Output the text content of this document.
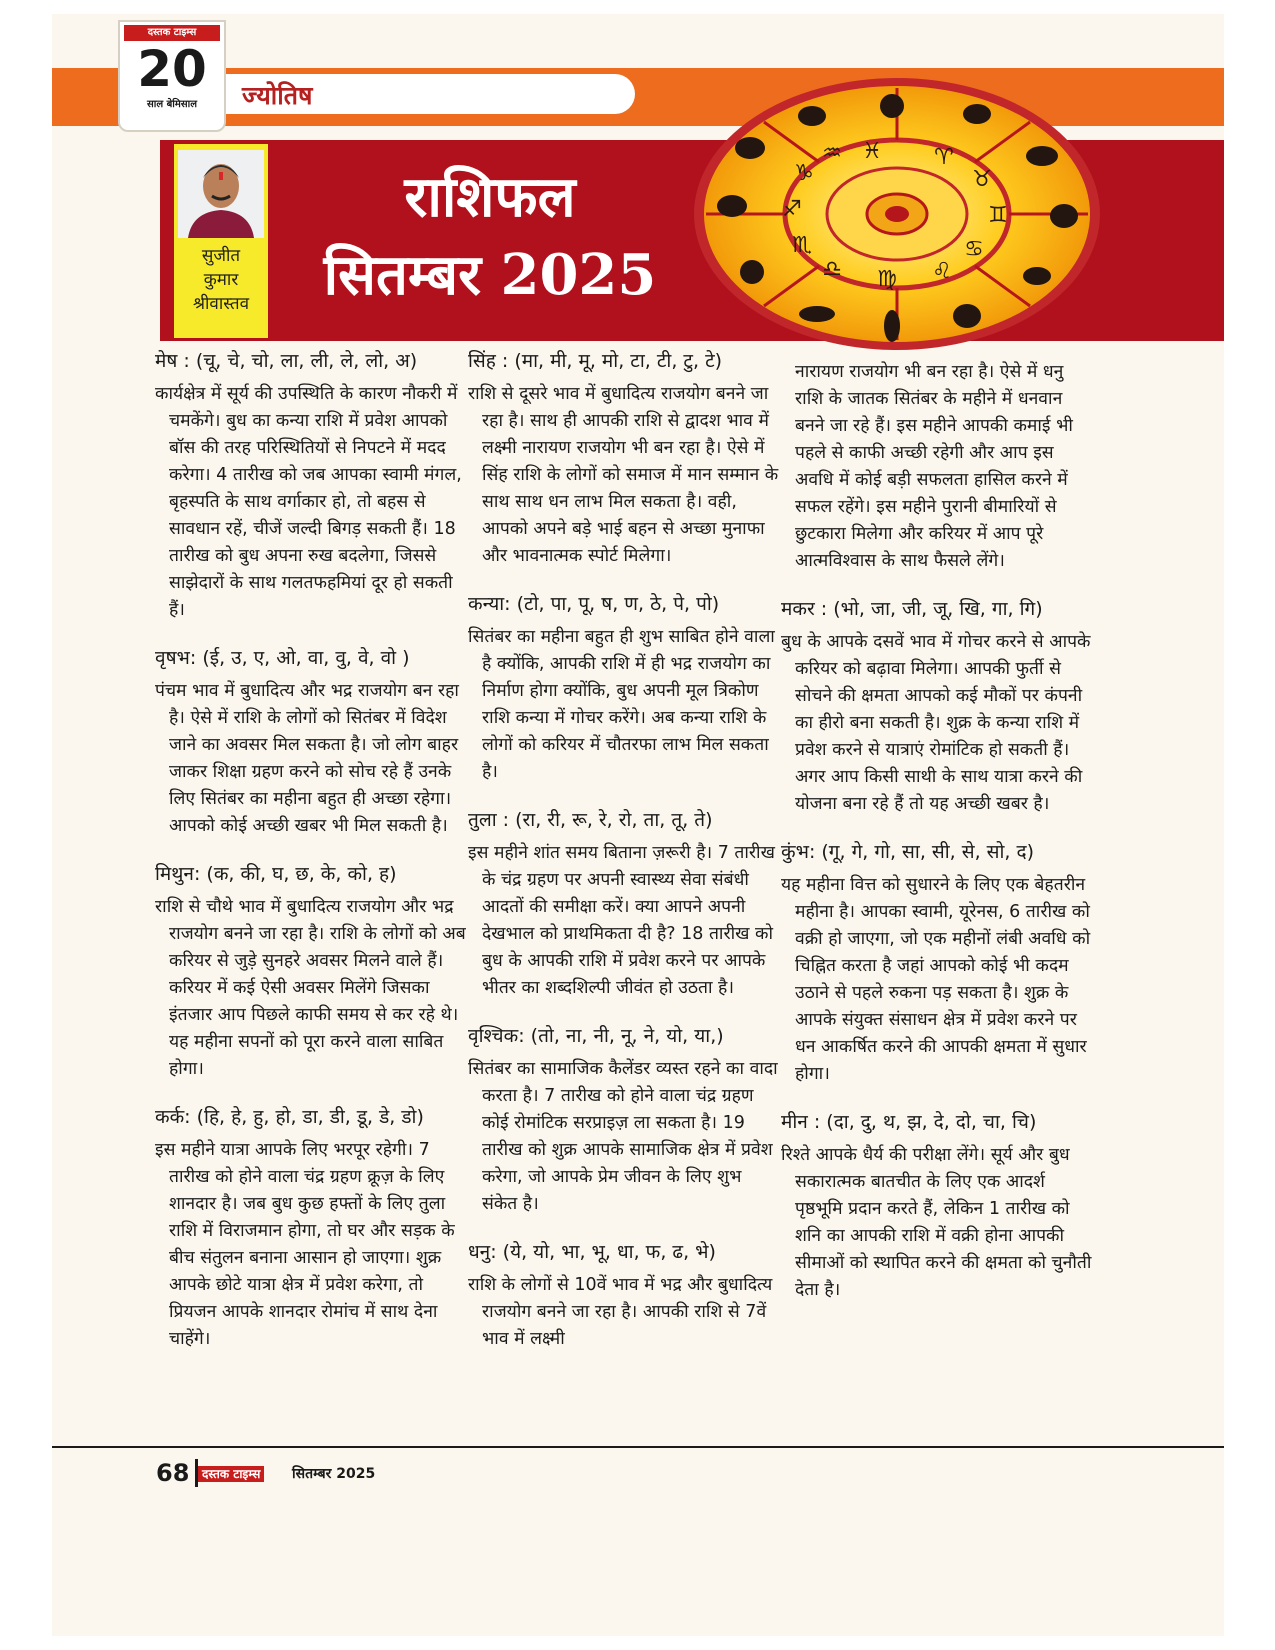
ज्योतिष
दस्तक टाइम्स
20
साल बेमिसाल
सुजीत
कुमार
श्रीवास्तव
राशिफल
सितम्बर 2025
♓ ♈
♉
♊
♋
♌
♍
♎
♏
♐
♑
♒
मेष : (चू, चे, चो, ला, ली, ले, लो, अ)

कार्यक्षेत्र में सूर्य की उपस्थिति के कारण नौकरी में चमकेंगे। बुध का कन्या राशि में प्रवेश आपको बॉस की तरह परिस्थितियों से निपटने में मदद करेगा। 4 तारीख को जब आपका स्वामी मंगल, बृहस्पति के साथ वर्गाकार हो, तो बहस से सावधान रहें, चीजें जल्दी बिगड़ सकती हैं। 18 तारीख को बुध अपना रुख बदलेगा, जिससे साझेदारों के साथ गलतफहमियां दूर हो सकती हैं।

वृषभ: (ई, उ, ए, ओ, वा, वु, वे, वो )

पंचम भाव में बुधादित्य और भद्र राजयोग बन रहा है। ऐसे में राशि के लोगों को सितंबर में विदेश जाने का अवसर मिल सकता है। जो लोग बाहर जाकर शिक्षा ग्रहण करने को सोच रहे हैं उनके लिए सितंबर का महीना बहुत ही अच्छा रहेगा। आपको कोई अच्छी खबर भी मिल सकती है।

मिथुन: (क, की, घ, छ, के, को, ह)

राशि से चौथे भाव में बुधादित्य राजयोग और भद्र राजयोग बनने जा रहा है। राशि के लोगों को अब करियर से जुड़े सुनहरे अवसर मिलने वाले हैं। करियर में कई ऐसी अवसर मिलेंगे जिसका इंतजार आप पिछले काफी समय से कर रहे थे। यह महीना सपनों को पूरा करने वाला साबित होगा।

कर्क: (हि, हे, हु, हो, डा, डी, डू, डे, डो)

इस महीने यात्रा आपके लिए भरपूर रहेगी। 7 तारीख को होने वाला चंद्र ग्रहण क्रूज़ के लिए शानदार है। जब बुध कुछ हफ्तों के लिए तुला राशि में विराजमान होगा, तो घर और सड़क के बीच संतुलन बनाना आसान हो जाएगा। शुक्र आपके छोटे यात्रा क्षेत्र में प्रवेश करेगा, तो प्रियजन आपके शानदार रोमांच में साथ देना चाहेंगे।

सिंह : (मा, मी, मू, मो, टा, टी, टु, टे)

राशि से दूसरे भाव में बुधादित्य राजयोग बनने जा रहा है। साथ ही आपकी राशि से द्वादश भाव में लक्ष्मी नारायण राजयोग भी बन रहा है। ऐसे में सिंह राशि के लोगों को समाज में मान सम्मान के साथ साथ धन लाभ मिल सकता है। वही, आपको अपने बड़े भाई बहन से अच्छा मुनाफा और भावनात्मक स्पोर्ट मिलेगा।

कन्या: (टो, पा, पू, ष, ण, ठे, पे, पो)

सितंबर का महीना बहुत ही शुभ साबित होने वाला है क्योंकि, आपकी राशि में ही भद्र राजयोग का निर्माण होगा क्योंकि, बुध अपनी मूल त्रिकोण राशि कन्या में गोचर करेंगे। अब कन्या राशि के लोगों को करियर में चौतरफा लाभ मिल सकता है।

तुला : (रा, री, रू, रे, रो, ता, तू, ते)

इस महीने शांत समय बिताना ज़रूरी है। 7 तारीख के चंद्र ग्रहण पर अपनी स्वास्थ्य सेवा संबंधी आदतों की समीक्षा करें। क्या आपने अपनी देखभाल को प्राथमिकता दी है? 18 तारीख को बुध के आपकी राशि में प्रवेश करने पर आपके भीतर का शब्दशिल्पी जीवंत हो उठता है।

वृश्चिक: (तो, ना, नी, नू, ने, यो, या,)

सितंबर का सामाजिक कैलेंडर व्यस्त रहने का वादा करता है। 7 तारीख को होने वाला चंद्र ग्रहण कोई रोमांटिक सरप्राइज़ ला सकता है। 19 तारीख को शुक्र आपके सामाजिक क्षेत्र में प्रवेश करेगा, जो आपके प्रेम जीवन के लिए शुभ संकेत है।

धनु: (ये, यो, भा, भू, धा, फ, ढ, भे)

राशि के लोगों से 10वें भाव में भद्र और बुधादित्य राजयोग बनने जा रहा है। आपकी राशि से 7वें भाव में लक्ष्मी

नारायण राजयोग भी बन रहा है। ऐसे में धनु राशि के जातक सितंबर के महीने में धनवान बनने जा रहे हैं। इस महीने आपकी कमाई भी पहले से काफी अच्छी रहेगी और आप इस अवधि में कोई बड़ी सफलता हासिल करने में सफल रहेंगे। इस महीने पुरानी बीमारियों से छुटकारा मिलेगा और करियर में आप पूरे आत्मविश्वास के साथ फैसले लेंगे।

मकर : (भो, जा, जी, जू, खि, गा, गि)

बुध के आपके दसवें भाव में गोचर करने से आपके करियर को बढ़ावा मिलेगा। आपकी फुर्ती से सोचने की क्षमता आपको कई मौकों पर कंपनी का हीरो बना सकती है। शुक्र के कन्या राशि में प्रवेश करने से यात्राएं रोमांटिक हो सकती हैं। अगर आप किसी साथी के साथ यात्रा करने की योजना बना रहे हैं तो यह अच्छी खबर है।

कुंभ: (गू, गे, गो, सा, सी, से, सो, द)

यह महीना वित्त को सुधारने के लिए एक बेहतरीन महीना है। आपका स्वामी, यूरेनस, 6 तारीख को वक्री हो जाएगा, जो एक महीनों लंबी अवधि को चिह्नित करता है जहां आपको कोई भी कदम उठाने से पहले रुकना पड़ सकता है। शुक्र के आपके संयुक्त संसाधन क्षेत्र में प्रवेश करने पर धन आकर्षित करने की आपकी क्षमता में सुधार होगा।

मीन : (दा, दु, थ, झ, दे, दो, चा, चि)

रिश्ते आपके धैर्य की परीक्षा लेंगे। सूर्य और बुध सकारात्मक बातचीत के लिए एक आदर्श पृष्ठभूमि प्रदान करते हैं, लेकिन 1 तारीख को शनि का आपकी राशि में वक्री होना आपकी सीमाओं को स्थापित करने की क्षमता को चुनौती देता है।

68	दस्तक टाइम्स सितम्बर 2025
